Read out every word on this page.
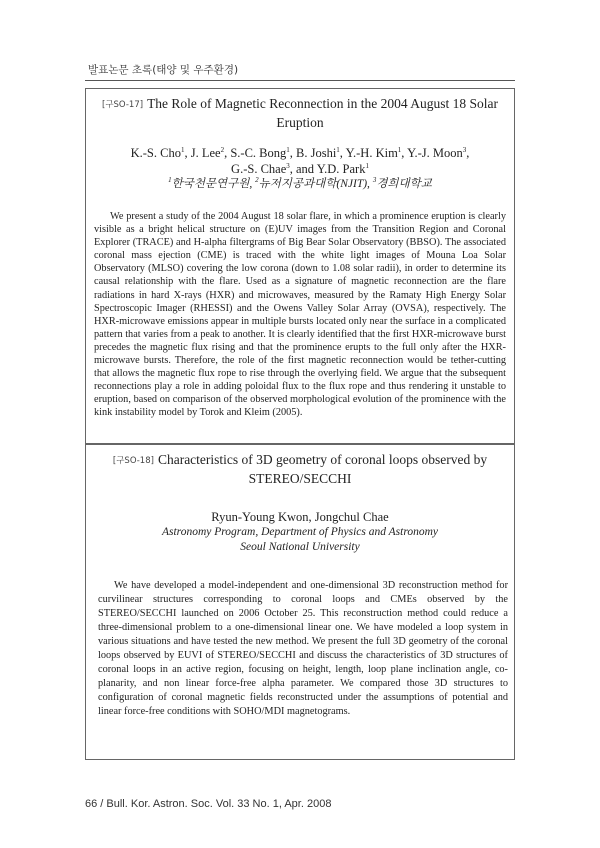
발표논문 초록(태양 및 우주환경)

[구SO-17] The Role of Magnetic Reconnection in the 2004 August 18 Solar Eruption

K.-S. Cho$^1$, J. Lee$^2$, S.-C. Bong$^1$, B. Joshi$^1$, Y.-H. Kim$^1$, Y.-J. Moon$^3$,
G.-S. Chae$^3$, and Y.D. Park$^1$

$^1$한국천문연구원, $^2$뉴저지공과대학(NJIT), $^3$경희대학교

We present a study of the 2004 August 18 solar flare, in which a prominence eruption is clearly visible as a bright helical structure on (E)UV images from the Transition Region and Coronal Explorer (TRACE) and H-alpha filtergrams of Big Bear Solar Observatory (BBSO). The associated coronal mass ejection (CME) is traced with the white light images of Mouna Loa Solar Observatory (MLSO) covering the low corona (down to 1.08 solar radii), in order to determine its causal relationship with the flare. Used as a signature of magnetic reconnection are the flare radiations in hard X-rays (HXR) and microwaves, measured by the Ramaty High Energy Solar Spectroscopic Imager (RHESSI) and the Owens Valley Solar Array (OVSA), respectively. The HXR-microwave emissions appear in multiple bursts located only near the surface in a complicated pattern that varies from a peak to another. It is clearly identified that the first HXR-microwave burst precedes the magnetic flux rising and that the prominence erupts to the full only after the HXR-microwave bursts. Therefore, the role of the first magnetic reconnection would be tether-cutting that allows the magnetic flux rope to rise through the overlying field. We argue that the subsequent reconnections play a role in adding poloidal flux to the flux rope and thus rendering it unstable to eruption, based on comparison of the observed morphological evolution of the prominence with the kink instability model by Torok and Kleim (2005).

[구SO-18] Characteristics of 3D geometry of coronal loops observed by STEREO/SECCHI

Ryun-Young Kwon, Jongchul Chae

Astronomy Program, Department of Physics and Astronomy

Seoul National University

We have developed a model-independent and one-dimensional 3D reconstruction method for curvilinear structures corresponding to coronal loops and CMEs observed by the STEREO/SECCHI launched on 2006 October 25. This reconstruction method could reduce a three-dimensional problem to a one-dimensional linear one. We have modeled a loop system in various situations and have tested the new method. We present the full 3D geometry of the coronal loops observed by EUVI of STEREO/SECCHI and discuss the characteristics of 3D structures of coronal loops in an active region, focusing on height, length, loop plane inclination angle, co-planarity, and non linear force-free alpha parameter. We compared those 3D structures to configuration of coronal magnetic fields reconstructed under the assumptions of potential and linear force-free conditions with SOHO/MDI magnetograms.

66 / Bull. Kor. Astron. Soc. Vol. 33 No. 1, Apr. 2008
